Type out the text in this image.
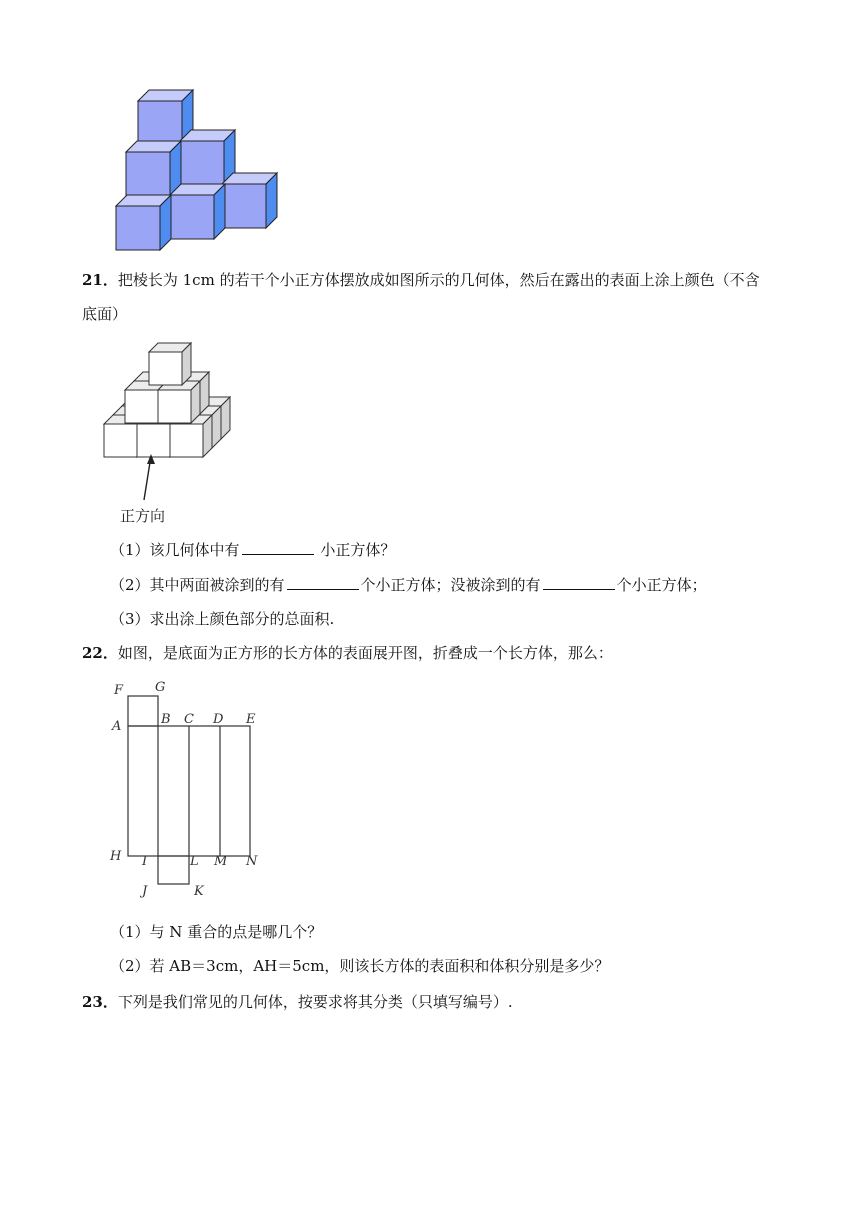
21．把棱长为 1cm 的若干个小正方体摆放成如图所示的几何体，然后在露出的表面上涂上颜色（不含
底面）
正方向
（1）该几何体中有	小正方体？
（2）其中两面被涂到的有	个小正方体；没被涂到的有	个小正方体；
（3）求出涂上颜色部分的总面积.
22．如图，是底面为正方形的长方体的表面展开图，折叠成一个长方体，那么：
F G
A	B C D E
H I	L M N
J	K
（1）与 N 重合的点是哪几个？
（2）若 AB＝3cm，AH＝5cm，则该长方体的表面积和体积分别是多少？
23．下列是我们常见的几何体，按要求将其分类（只填写编号）.
